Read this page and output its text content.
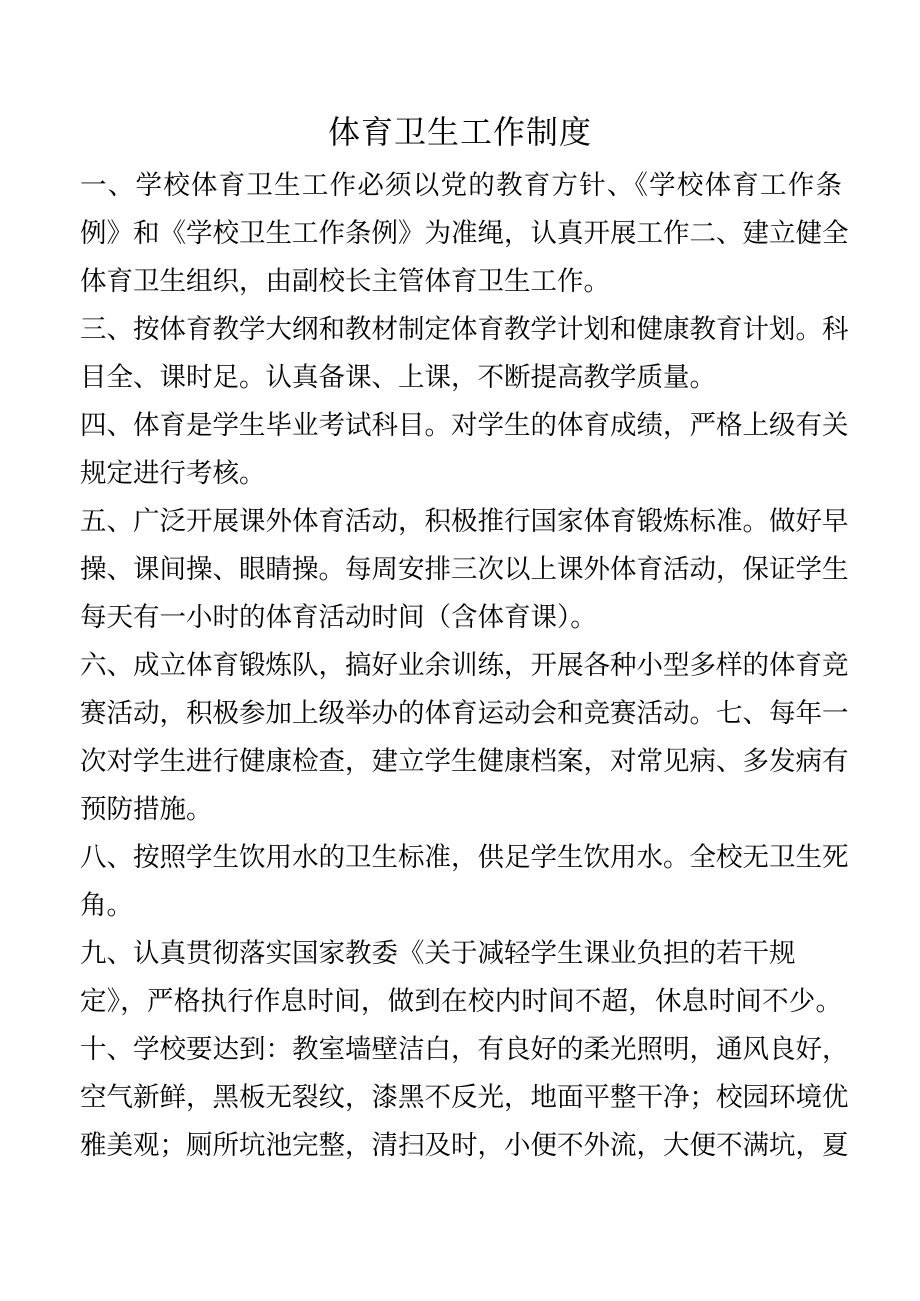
体育卫生工作制度
一、学校体育卫生工作必须以党的教育方针、《学校体育工作条
例》和《学校卫生工作条例》为准绳，认真开展工作二、建立健全
体育卫生组织，由副校长主管体育卫生工作。
三、按体育教学大纲和教材制定体育教学计划和健康教育计划。科
目全、课时足。认真备课、上课，不断提高教学质量。
四、体育是学生毕业考试科目。对学生的体育成绩，严格上级有关
规定进行考核。
五、广泛开展课外体育活动，积极推行国家体育锻炼标准。做好早
操、课间操、眼睛操。每周安排三次以上课外体育活动，保证学生
每天有一小时的体育活动时间（含体育课）。
六、成立体育锻炼队，搞好业余训练，开展各种小型多样的体育竞
赛活动，积极参加上级举办的体育运动会和竞赛活动。七、每年一
次对学生进行健康检查，建立学生健康档案，对常见病、多发病有
预防措施。
八、按照学生饮用水的卫生标准，供足学生饮用水。全校无卫生死
角。
九、认真贯彻落实国家教委《关于减轻学生课业负担的若干规
定》，严格执行作息时间，做到在校内时间不超，休息时间不少。
十、学校要达到：教室墙壁洁白，有良好的柔光照明，通风良好，
空气新鲜，黑板无裂纹，漆黑不反光，地面平整干净；校园环境优
雅美观；厕所坑池完整，清扫及时，小便不外流，大便不满坑，夏
